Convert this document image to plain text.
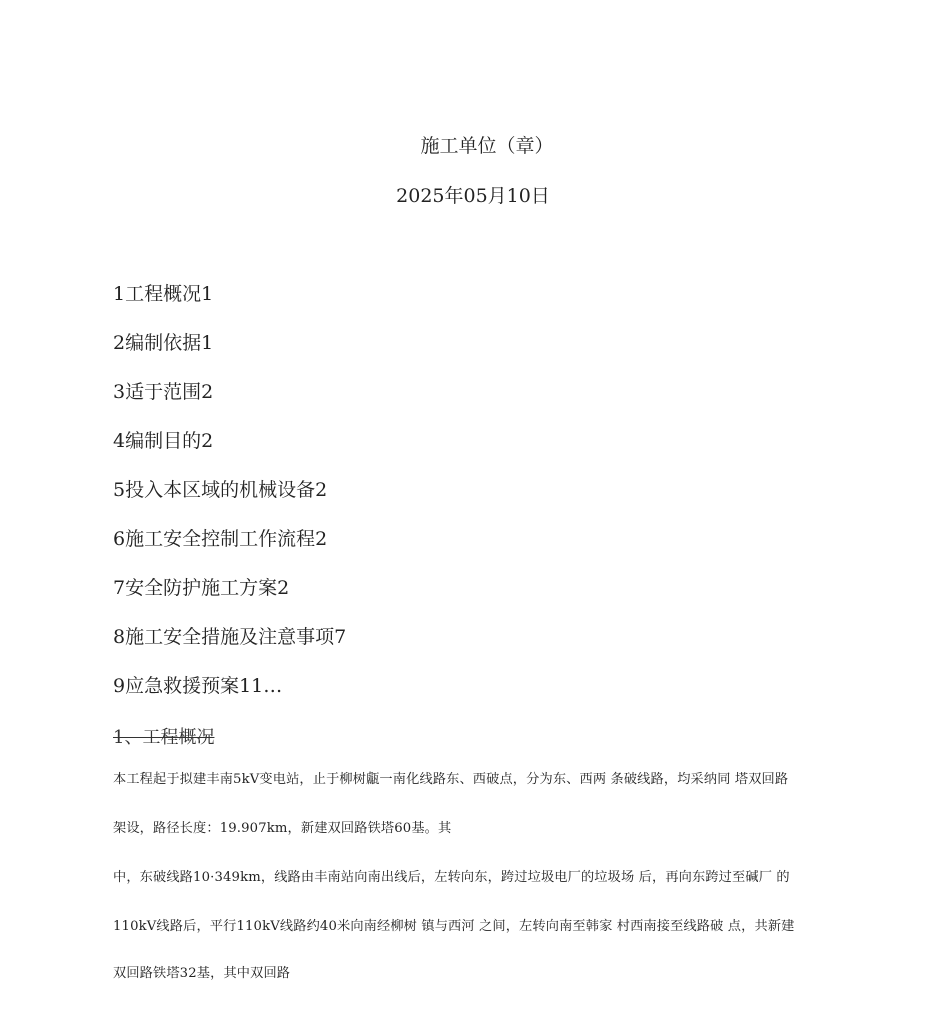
施工单位（章）
2025年05月10日
1工程概况1
2编制依据1
3适于范围2
4编制目的2
5投入本区域的机械设备2
6施工安全控制工作流程2
7安全防护施工方案2
8施工安全措施及注意事项7
9应急救援预案11…
1、工程概况
本工程起于拟建丰南5kV变电站，止于柳树甗一南化线路东、西破点，分为东、西两 条破线路，均采纳同 塔双回路
架设，路径长度：19.907km，新建双回路铁塔60基。其
中，东破线路10·349km，线路由丰南站向南出线后，左转向东，跨过垃圾电厂的垃圾场 后，再向东跨过至碱厂 的
110kV线路后，平行110kV线路约40米向南经柳树 镇与西河 之间，左转向南至韩家 村西南接至线路破 点，共新建
双回路铁塔32基，其中双回路
